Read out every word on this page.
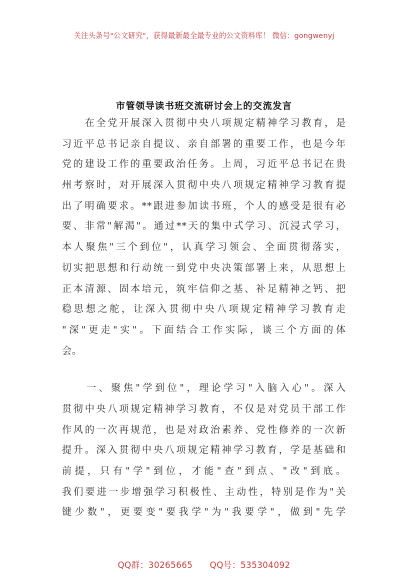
关注头条号"公文研究"，获得最新最全最专业的公文资料库！ 微信：gongwenyj
市管领导读书班交流研讨会上的交流发言
　　在全党开展深入贯彻中央八项规定精神学习教育，是
习近平总书记亲自提议、亲自部署的重要工作，也是今年
党的建设工作的重要政治任务。上周，习近平总书记在贵
州考察时，对开展深入贯彻中央八项规定精神学习教育提
出了明确要求。**跟进参加读书班，个人的感受是很有必
要、非常"解渴"。通过**天的集中式学习、沉浸式学习，
本人聚焦"三个到位"，认真学习领会、全面贯彻落实，
切实把思想和行动统一到党中央决策部署上来，从思想上
正本清源、固本培元，筑牢信仰之基、补足精神之钙、把
稳思想之舵，让深入贯彻中央八项规定精神学习教育走
"深"更走"实"。下面结合工作实际，谈三个方面的体
会。
　　一、聚焦"学到位"，理论学习"入脑入心"。深入
贯彻中央八项规定精神学习教育，不仅是对党员干部工作
作风的一次再规范，也是对政治素养、党性修养的一次新
提升。深入贯彻中央八项规定精神学习教育，学是基础和
前提，只有"学"到位，才能"查"到点、"改"到底。
我们要进一步增强学习积极性、主动性，特别是作为"关
键少数"，更要变"要我学"为"我要学"，做到"先学
QQ群：30265665　　QQ号：535304092
